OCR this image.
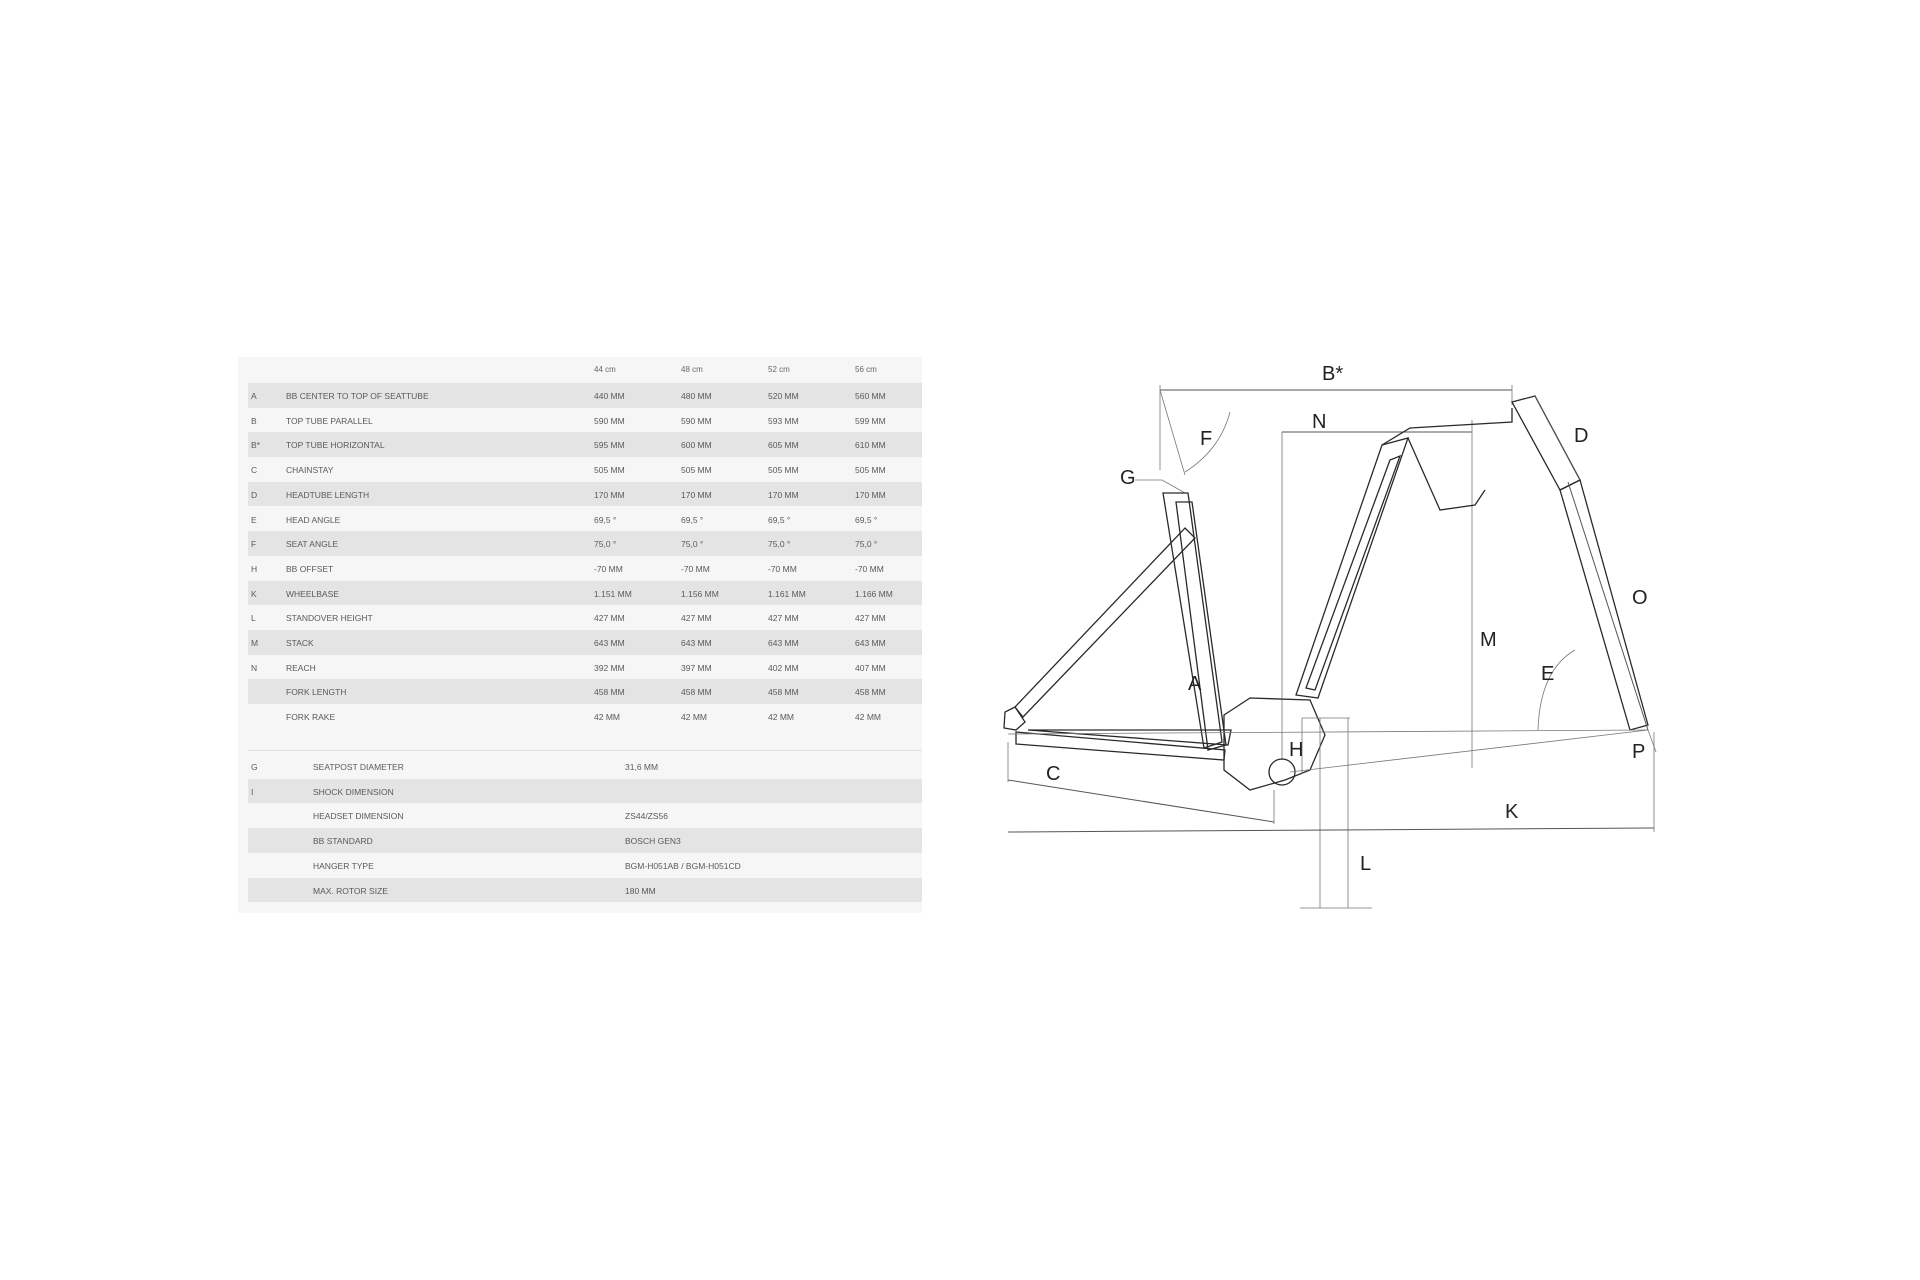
44 cm	48 cm	52 cm	56 cm
A	BB CENTER TO TOP OF SEATTUBE	440 MM	480 MM	520 MM	560 MM
B	TOP TUBE PARALLEL	590 MM	590 MM	593 MM	599 MM
B*	TOP TUBE HORIZONTAL	595 MM	600 MM	605 MM	610 MM
C	CHAINSTAY	505 MM	505 MM	505 MM	505 MM
D	HEADTUBE LENGTH	170 MM	170 MM	170 MM	170 MM
E	HEAD ANGLE	69,5 °	69,5 °	69,5 °	69,5 °
F	SEAT ANGLE	75,0 °	75,0 °	75,0 °	75,0 °
H	BB OFFSET	-70 MM	-70 MM	-70 MM	-70 MM
K	WHEELBASE	1.151 MM	1.156 MM	1.161 MM	1.166 MM
L	STANDOVER HEIGHT	427 MM	427 MM	427 MM	427 MM
M	STACK	643 MM	643 MM	643 MM	643 MM
N	REACH	392 MM	397 MM	402 MM	407 MM
FORK LENGTH	458 MM	458 MM	458 MM	458 MM
FORK RAKE	42 MM	42 MM	42 MM	42 MM
G	SEATPOST DIAMETER	31,6 MM
I	SHOCK DIMENSION
HEADSET DIMENSION	ZS44/ZS56
BB STANDARD	BOSCH GEN3
HANGER TYPE	BGM-H051AB / BGM-H051CD
MAX. ROTOR SIZE	180 MM
B*
N
F
G
D
O
M
E
A
H	P
C
K
L
